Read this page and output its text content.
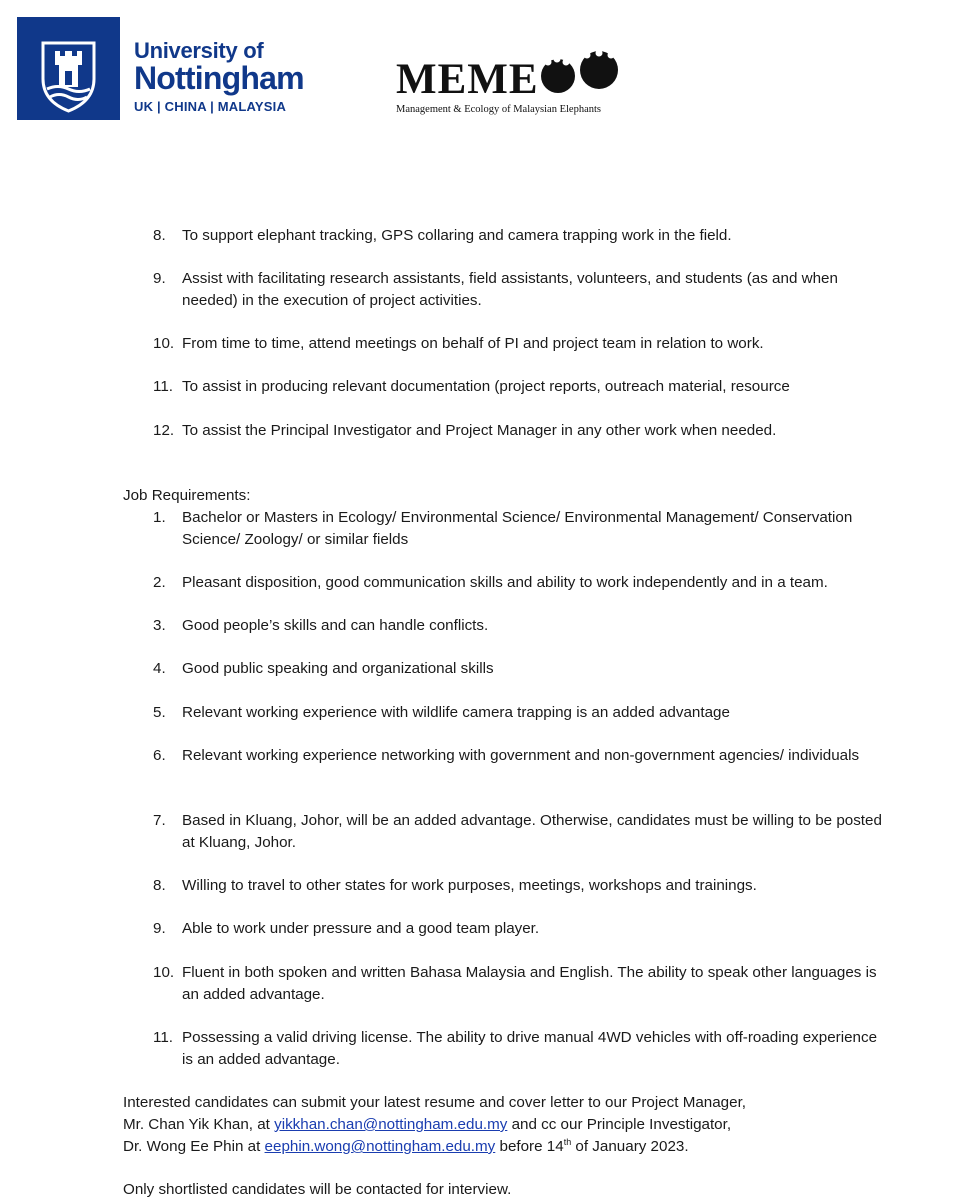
University of
Nottingham
UK | CHINA | MALAYSIA
MEME
Management & Ecology of Malaysian Elephants
8. To support elephant tracking, GPS collaring and camera trapping work in the field.
9. Assist with facilitating research assistants, field assistants, volunteers, and students (as and when needed) in the execution of project activities.
10. From time to time, attend meetings on behalf of PI and project team in relation to work.
11. To assist in producing relevant documentation (project reports, outreach material, resource
12. To assist the Principal Investigator and Project Manager in any other work when needed.
Job Requirements:
1. Bachelor or Masters in Ecology/ Environmental Science/ Environmental Management/ Conservation Science/ Zoology/ or similar fields
2. Pleasant disposition, good communication skills and ability to work independently and in a team.
3. Good people’s skills and can handle conflicts.
4. Good public speaking and organizational skills
5. Relevant working experience with wildlife camera trapping is an added advantage
6. Relevant working experience networking with government and non-government agencies/ individuals
7. Based in Kluang, Johor, will be an added advantage. Otherwise, candidates must be willing to be posted at Kluang, Johor.
8. Willing to travel to other states for work purposes, meetings, workshops and trainings.
9. Able to work under pressure and a good team player.
10. Fluent in both spoken and written Bahasa Malaysia and English. The ability to speak other languages is an added advantage.
11. Possessing a valid driving license. The ability to drive manual 4WD vehicles with off-roading experience is an added advantage.
Interested candidates can submit your latest resume and cover letter to our Project Manager,
Mr. Chan Yik Khan, at yikkhan.chan@nottingham.edu.my and cc our Principle Investigator,
Dr. Wong Ee Phin at eephin.wong@nottingham.edu.my before 14th of January 2023.
Only shortlisted candidates will be contacted for interview.
